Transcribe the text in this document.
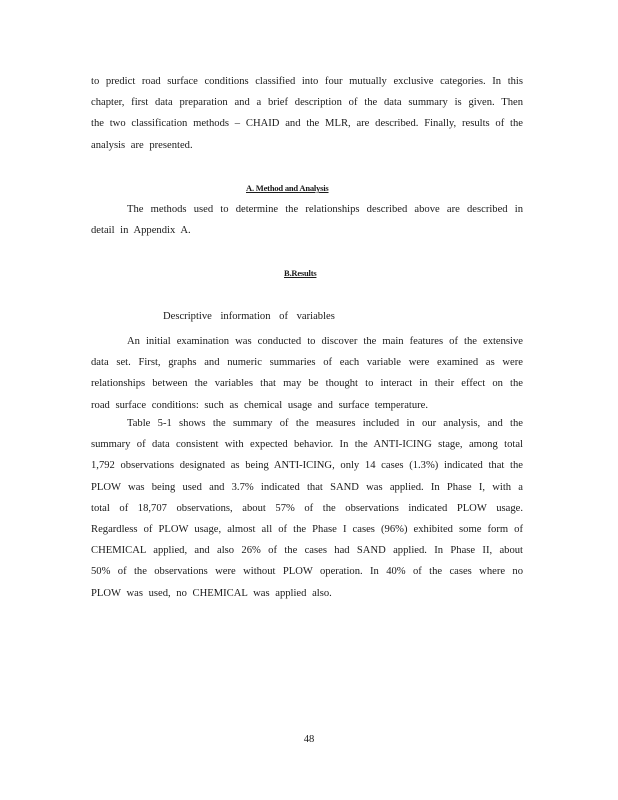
to predict road surface conditions classified into four mutually exclusive categories. In this chapter, first data preparation and a brief description of the data summary is given. Then the two classification methods – CHAID and the MLR, are described. Finally, results of the analysis are presented.

A. Method and Analysis

The methods used to determine the relationships described above are described in detail in Appendix A.

B.Results
Descriptive information of variables

An initial examination was conducted to discover the main features of the extensive data set. First, graphs and numeric summaries of each variable were examined as were relationships between the variables that may be thought to interact in their effect on the road surface conditions: such as chemical usage and surface temperature.

Table 5-1 shows the summary of the measures included in our analysis, and the summary of data consistent with expected behavior. In the ANTI-ICING stage, among total 1,792 observations designated as being ANTI-ICING, only 14 cases (1.3%) indicated that the PLOW was being used and 3.7% indicated that SAND was applied. In Phase I, with a total of 18,707 observations, about 57% of the observations indicated PLOW usage. Regardless of PLOW usage, almost all of the Phase I cases (96%) exhibited some form of CHEMICAL applied, and also 26% of the cases had SAND applied. In Phase II, about 50% of the observations were without PLOW operation. In 40% of the cases where no PLOW was used, no CHEMICAL was applied also.

48
